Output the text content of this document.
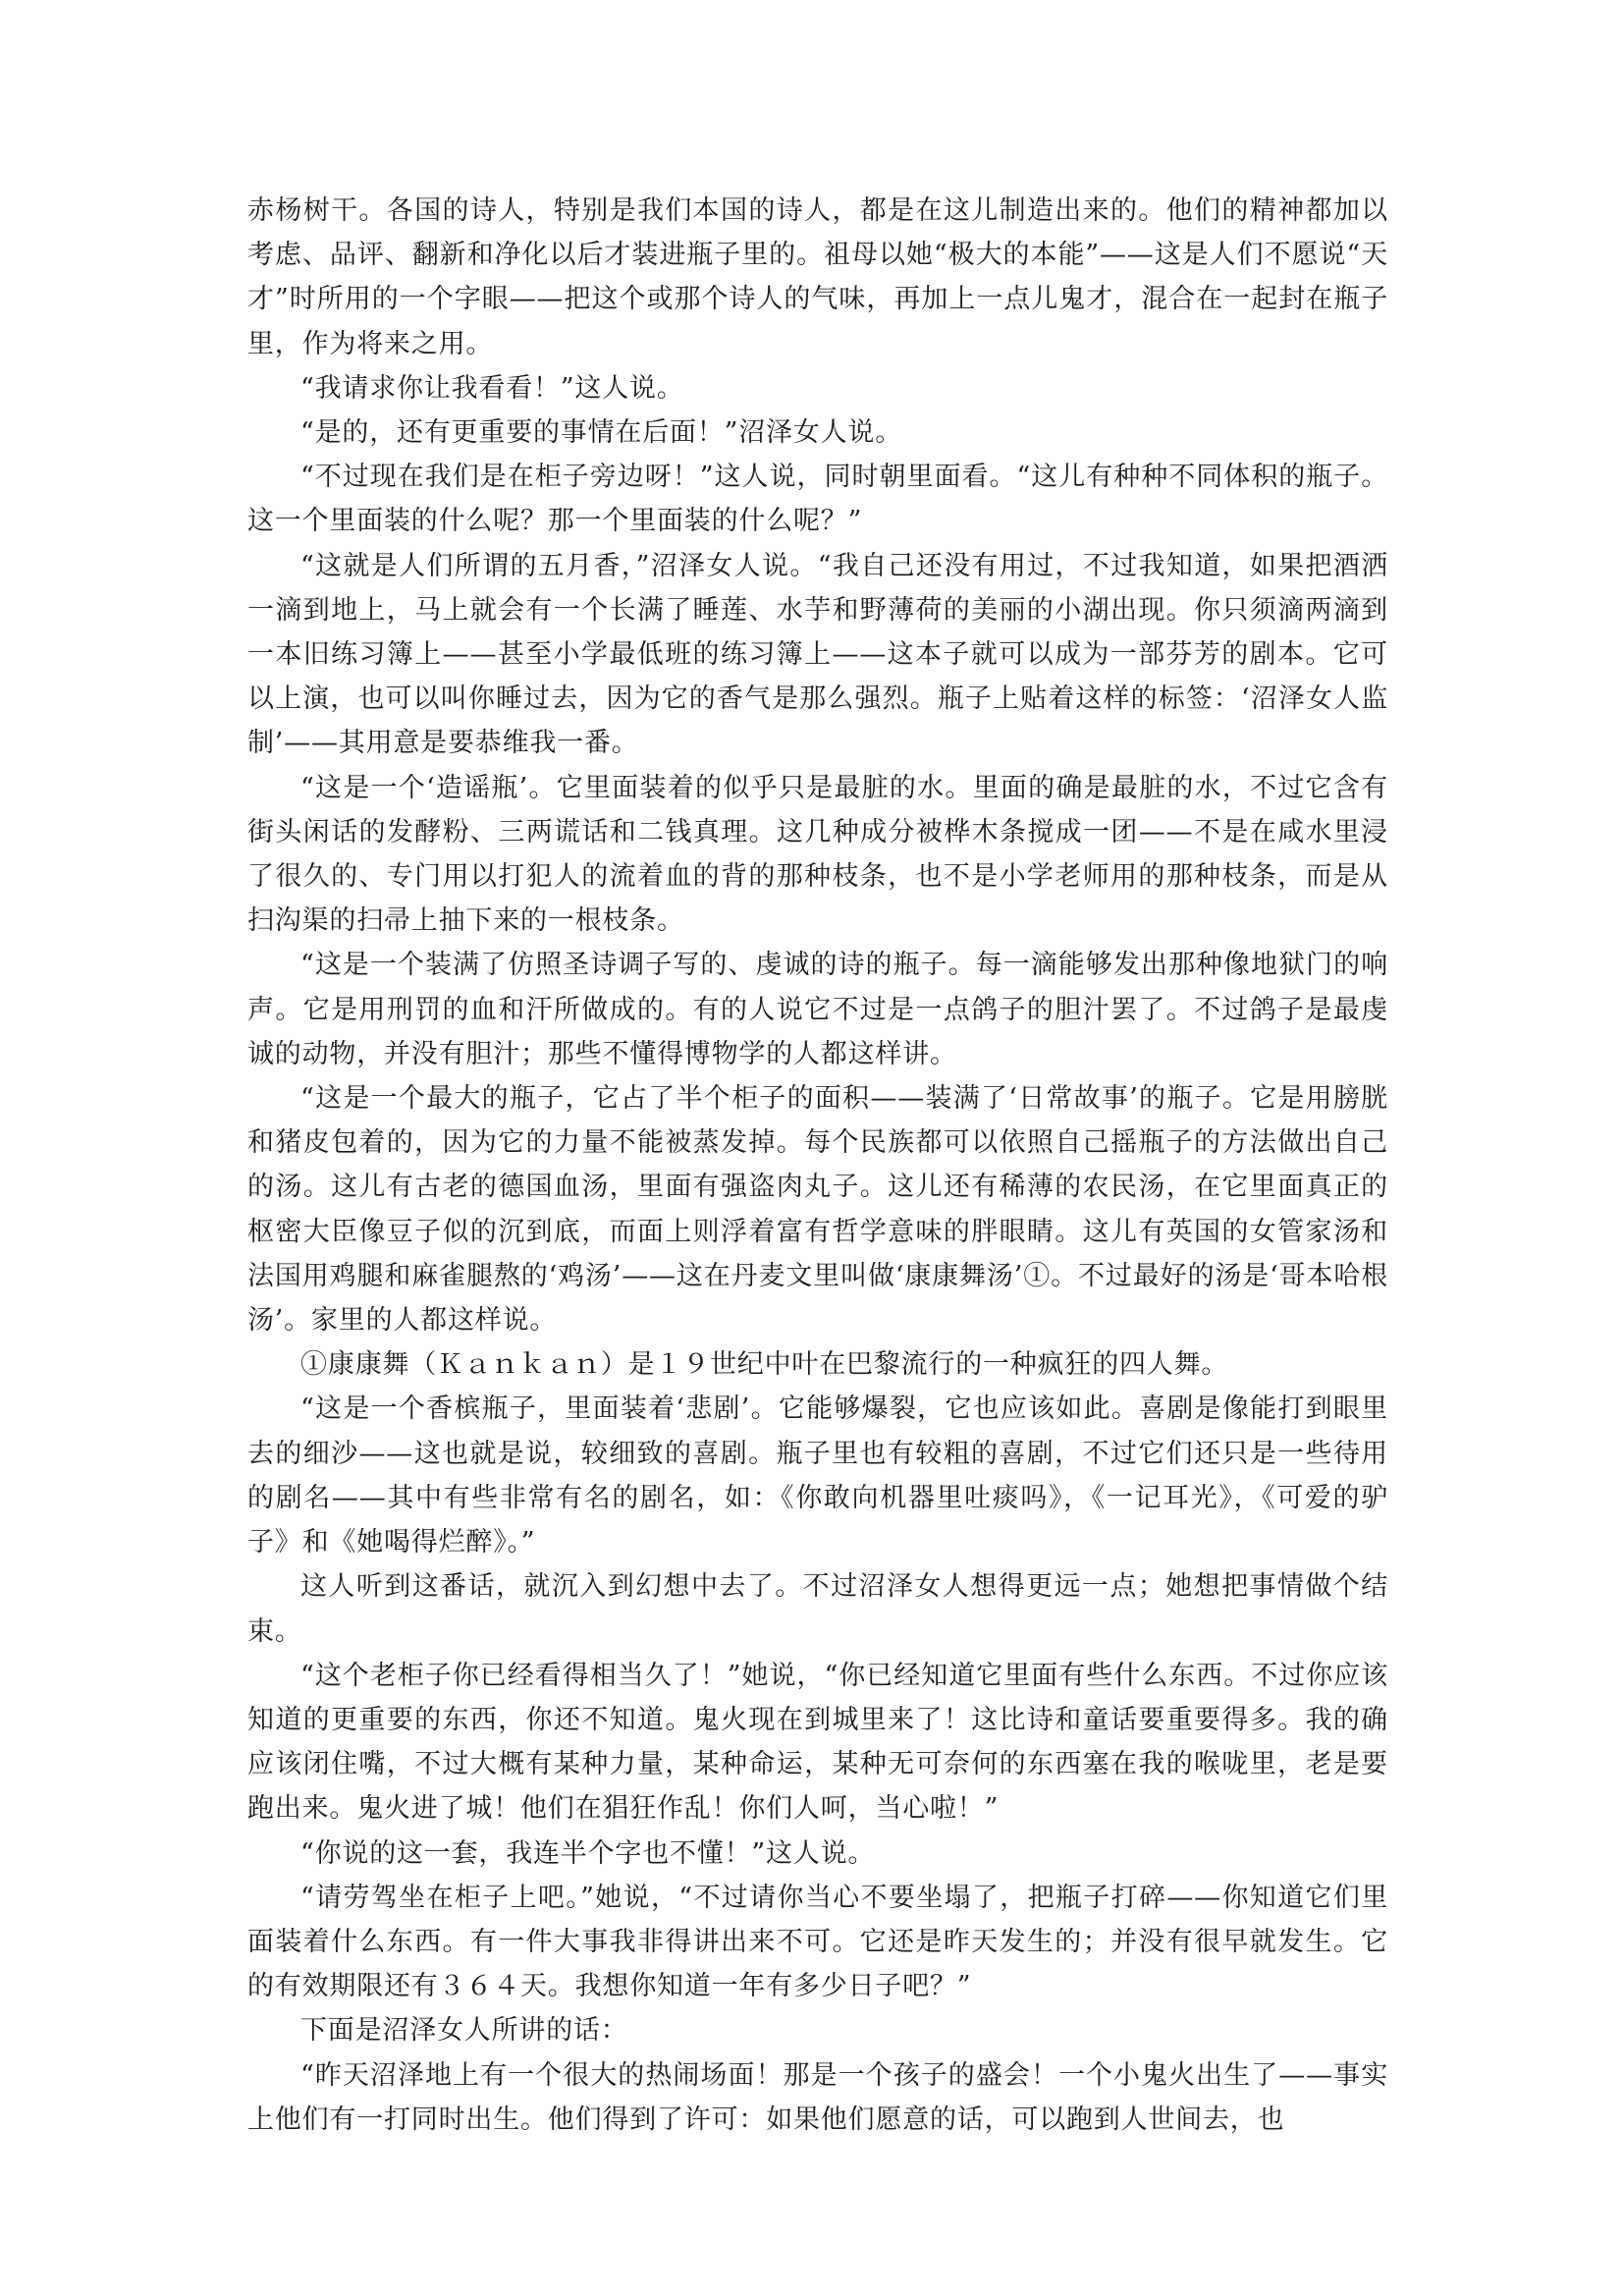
赤杨树干。各国的诗人，特别是我们本国的诗人，都是在这儿制造出来的。他们的精神都加以考虑、品评、翻新和净化以后才装进瓶子里的。祖母以她“极大的本能”——这是人们不愿说“天才”时所用的一个字眼——把这个或那个诗人的气味，再加上一点儿鬼才，混合在一起封在瓶子里，作为将来之用。

“我请求你让我看看！”这人说。

“是的，还有更重要的事情在后面！”沼泽女人说。

“不过现在我们是在柜子旁边呀！”这人说，同时朝里面看。“这儿有种种不同体积的瓶子。这一个里面装的什么呢？那一个里面装的什么呢？”

“这就是人们所谓的五月香，”沼泽女人说。“我自己还没有用过，不过我知道，如果把酒洒一滴到地上，马上就会有一个长满了睡莲、水芋和野薄荷的美丽的小湖出现。你只须滴两滴到一本旧练习簿上——甚至小学最低班的练习簿上——这本子就可以成为一部芬芳的剧本。它可以上演，也可以叫你睡过去，因为它的香气是那么强烈。瓶子上贴着这样的标签：‘沼泽女人监制’——其用意是要恭维我一番。

“这是一个‘造谣瓶’。它里面装着的似乎只是最脏的水。里面的确是最脏的水，不过它含有街头闲话的发酵粉、三两谎话和二钱真理。这几种成分被桦木条搅成一团——不是在咸水里浸了很久的、专门用以打犯人的流着血的背的那种枝条，也不是小学老师用的那种枝条，而是从扫沟渠的扫帚上抽下来的一根枝条。

“这是一个装满了仿照圣诗调子写的、虔诚的诗的瓶子。每一滴能够发出那种像地狱门的响声。它是用刑罚的血和汗所做成的。有的人说它不过是一点鸽子的胆汁罢了。不过鸽子是最虔诚的动物，并没有胆汁；那些不懂得博物学的人都这样讲。

“这是一个最大的瓶子，它占了半个柜子的面积——装满了‘日常故事’的瓶子。它是用膀胱和猪皮包着的，因为它的力量不能被蒸发掉。每个民族都可以依照自己摇瓶子的方法做出自己的汤。这儿有古老的德国血汤，里面有强盗肉丸子。这儿还有稀薄的农民汤，在它里面真正的枢密大臣像豆子似的沉到底，而面上则浮着富有哲学意味的胖眼睛。这儿有英国的女管家汤和法国用鸡腿和麻雀腿熬的‘鸡汤’——这在丹麦文里叫做‘康康舞汤’①。不过最好的汤是‘哥本哈根汤’。家里的人都这样说。

①康康舞（Ｋａｎｋａｎ）是１９世纪中叶在巴黎流行的一种疯狂的四人舞。

“这是一个香槟瓶子，里面装着‘悲剧’。它能够爆裂，它也应该如此。喜剧是像能打到眼里去的细沙——这也就是说，较细致的喜剧。瓶子里也有较粗的喜剧，不过它们还只是一些待用的剧名——其中有些非常有名的剧名，如：《你敢向机器里吐痰吗》，《一记耳光》，《可爱的驴子》和《她喝得烂醉》。”

这人听到这番话，就沉入到幻想中去了。不过沼泽女人想得更远一点；她想把事情做个结束。

“这个老柜子你已经看得相当久了！”她说，“你已经知道它里面有些什么东西。不过你应该知道的更重要的东西，你还不知道。鬼火现在到城里来了！这比诗和童话要重要得多。我的确应该闭住嘴，不过大概有某种力量，某种命运，某种无可奈何的东西塞在我的喉咙里，老是要跑出来。鬼火进了城！他们在猖狂作乱！你们人呵，当心啦！”

“你说的这一套，我连半个字也不懂！”这人说。

“请劳驾坐在柜子上吧。”她说，“不过请你当心不要坐塌了，把瓶子打碎——你知道它们里面装着什么东西。有一件大事我非得讲出来不可。它还是昨天发生的；并没有很早就发生。它的有效期限还有３６４天。我想你知道一年有多少日子吧？”

下面是沼泽女人所讲的话：

“昨天沼泽地上有一个很大的热闹场面！那是一个孩子的盛会！一个小鬼火出生了——事实上他们有一打同时出生。他们得到了许可：如果他们愿意的话，可以跑到人世间去，也
